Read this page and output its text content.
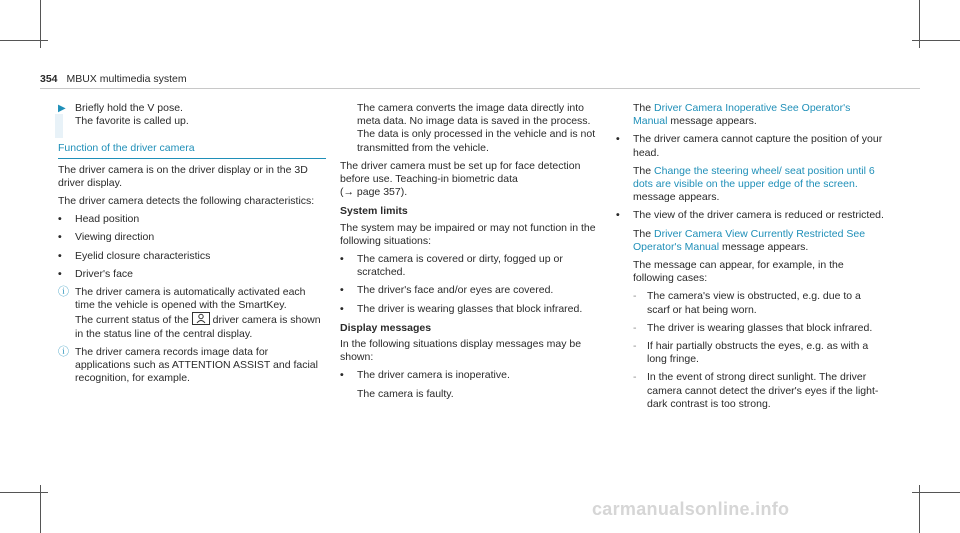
354 MBUX multimedia system
▶ Briefly hold the V pose.
The favorite is called up.
Function of the driver camera

The driver camera is on the driver display or in the 3D driver display.

The driver camera detects the following characteristics:

• Head position
• Viewing direction
• Eyelid closure characteristics
• Driver's face
ⓘ The driver camera is automatically activated each time the vehicle is opened with the SmartKey.
The current status of the driver camera is shown in the status line of the central display.
ⓘ The driver camera records image data for applications such as ATTENTION ASSIST and facial recognition, for example.

The camera converts the image data directly into meta data. No image data is saved in the process. The data is only processed in the vehicle and is not transmitted from the vehicle.

The driver camera must be set up for face detection before use. Teaching-in biometric data

(→ page 357).

System limits

The system may be impaired or may not function in the following situations:

• The camera is covered or dirty, fogged up or scratched.
• The driver's face and/or eyes are covered.
• The driver is wearing glasses that block infrared.
Display messages

In the following situations display messages may be shown:

• The driver camera is inoperative.
The camera is faulty.

The Driver Camera Inoperative See Operator's Manual message appears.

• The driver camera cannot capture the position of your head.
The Change the steering wheel/ seat position until 6 dots are visible on the upper edge of the screen. message appears.
• The view of the driver camera is reduced or restricted.
The Driver Camera View Currently Restricted See Operator's Manual message appears.
The message can appear, for example, in the following cases:
- The camera's view is obstructed, e.g. due to a scarf or hat being worn.
- The driver is wearing glasses that block infrared.
- If hair partially obstructs the eyes, e.g. as with a long fringe.
- In the event of strong direct sunlight. The driver camera cannot detect the driver's eyes if the light-dark contrast is too strong.
carmanualsonline.info
